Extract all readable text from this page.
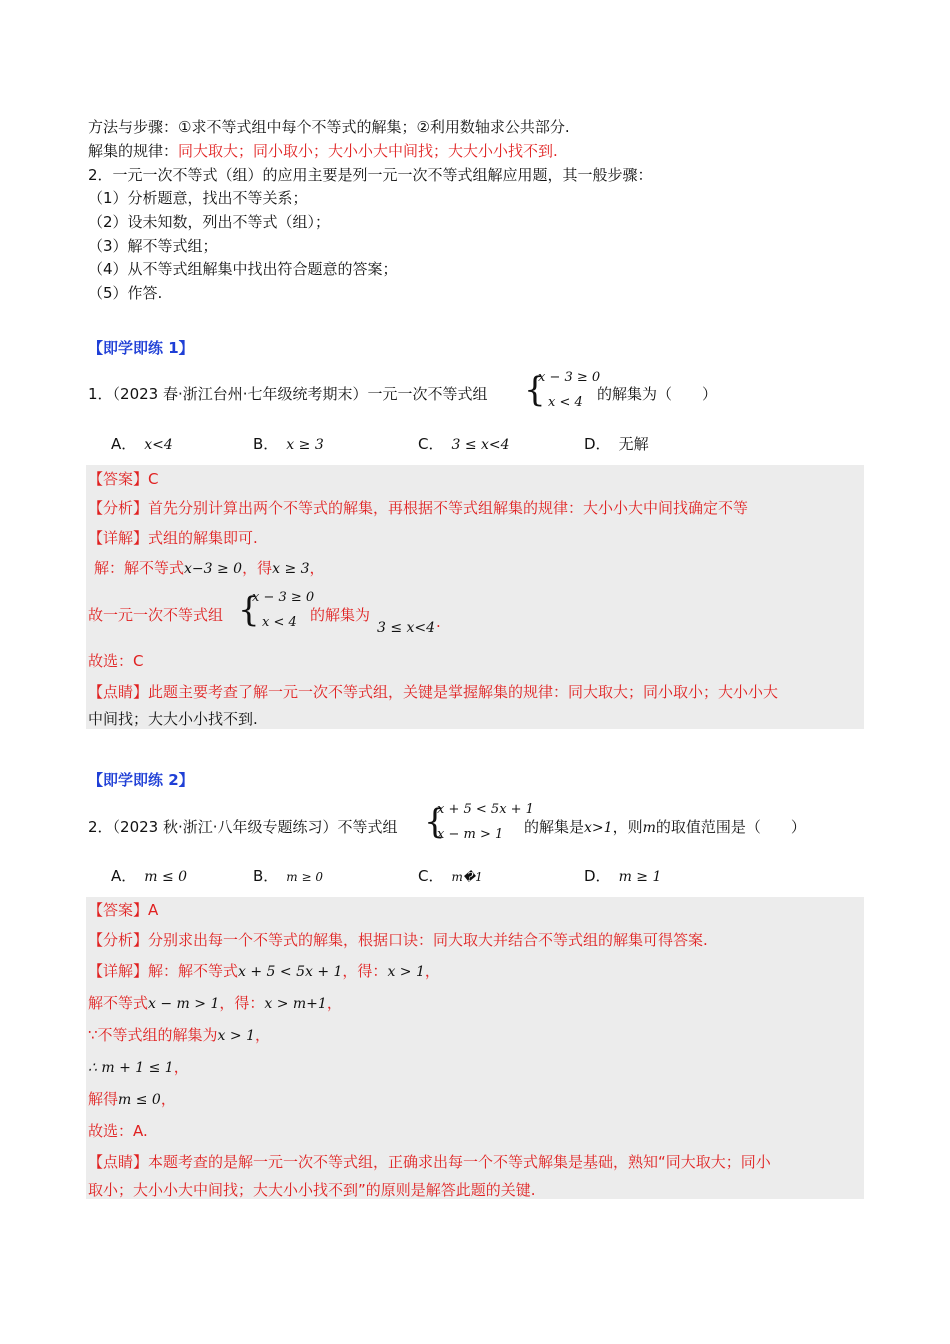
方法与步骤：①求不等式组中每个不等式的解集；②利用数轴求公共部分.
解集的规律：同大取大；同小取小；大小小大中间找；大大小小找不到.
2．一元一次不等式（组）的应用主要是列一元一次不等式组解应用题，其一般步骤：
（1）分析题意，找出不等关系；
（2）设未知数，列出不等式（组）；
（3）解不等式组；
（4）从不等式组解集中找出符合题意的答案；
（5）作答.
【即学即练 1】
1．（2023 春·浙江台州·七年级统考期末）一元一次不等式组 {
x − 3 ≥ 0
x < 4 的解集为（　　）
A． x<4	B． x ≥ 3	C． 3 ≤ x<4	D． 无解
【答案】C
【分析】首先分别计算出两个不等式的解集，再根据不等式组解集的规律：大小小大中间找确定不等
【详解】式组的解集即可.
解：解不等式x−3 ≥ 0，得x ≥ 3，
故一元一次不等式组 {
x − 3 ≥ 0
x < 4 的解集为
3 ≤ x<4 .
故选：C
【点睛】此题主要考查了解一元一次不等式组，关键是掌握解集的规律：同大取大；同小取小；大小小大
中间找；大大小小找不到.
【即学即练 2】
2．（2023 秋·浙江·八年级专题练习）不等式组 {
x + 5 < 5x + 1
x − m > 1 的解集是x>1，则m的取值范围是（　　）
A． m ≤ 0	B． m ≥ 0	C． m�1	D． m ≥ 1
【答案】A
【分析】分别求出每一个不等式的解集，根据口诀：同大取大并结合不等式组的解集可得答案.
【详解】解：解不等式x + 5 < 5x + 1，得：x > 1，
解不等式x − m > 1，得：x > m+1，
∵不等式组的解集为x > 1，
∴ m + 1 ≤ 1，
解得m ≤ 0，
故选：A.
【点睛】本题考查的是解一元一次不等式组，正确求出每一个不等式解集是基础，熟知“同大取大；同小
取小；大小小大中间找；大大小小找不到”的原则是解答此题的关键.
